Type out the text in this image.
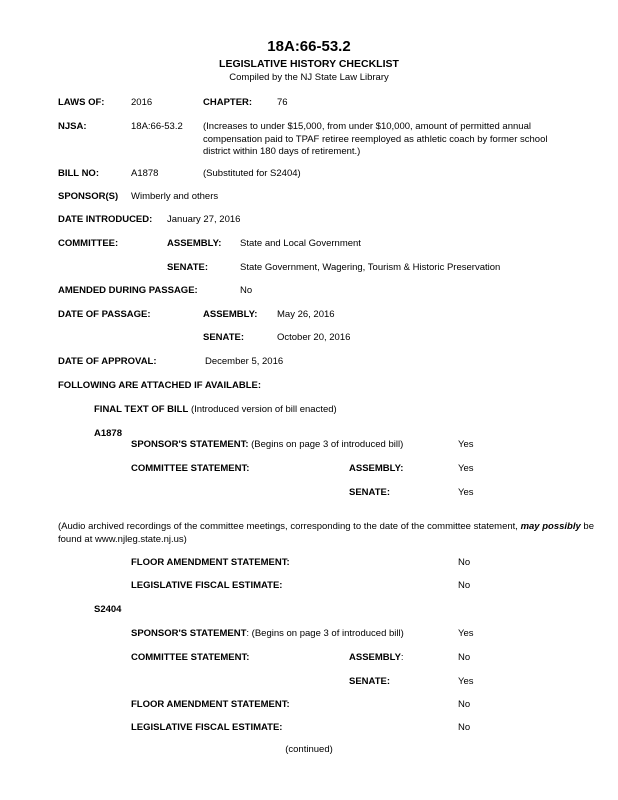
18A:66-53.2
LEGISLATIVE HISTORY CHECKLIST
Compiled by the NJ State Law Library
LAWS OF:	2016	CHAPTER:	76
NJSA:	18A:66-53.2 (Increases to under $15,000, from under $10,000, amount of permitted annual compensation paid to TPAF retiree reemployed as athletic coach by former school district within 180 days of retirement.)
BILL NO:	A1878	(Substituted for S2404)
SPONSOR(S) Wimberly and others
DATE INTRODUCED: January 27, 2016
COMMITTEE:	ASSEMBLY: State and Local Government
SENATE:	State Government, Wagering, Tourism & Historic Preservation
AMENDED DURING PASSAGE:	No
DATE OF PASSAGE:	ASSEMBLY: May 26, 2016
SENATE:	October 20, 2016
DATE OF APPROVAL:	December 5, 2016
FOLLOWING ARE ATTACHED IF AVAILABLE:
FINAL TEXT OF BILL (Introduced version of bill enacted)
A1878
SPONSOR'S STATEMENT: (Begins on page 3 of introduced bill)	Yes
COMMITTEE STATEMENT:	ASSEMBLY:	Yes
SENATE:	Yes
(Audio archived recordings of the committee meetings, corresponding to the date of the committee statement, may possibly be found at www.njleg.state.nj.us)
FLOOR AMENDMENT STATEMENT:	No
LEGISLATIVE FISCAL ESTIMATE:	No
S2404
SPONSOR'S STATEMENT: (Begins on page 3 of introduced bill)	Yes
COMMITTEE STATEMENT:	ASSEMBLY:	No
SENATE:	Yes
FLOOR AMENDMENT STATEMENT:	No
LEGISLATIVE FISCAL ESTIMATE:	No
(continued)
